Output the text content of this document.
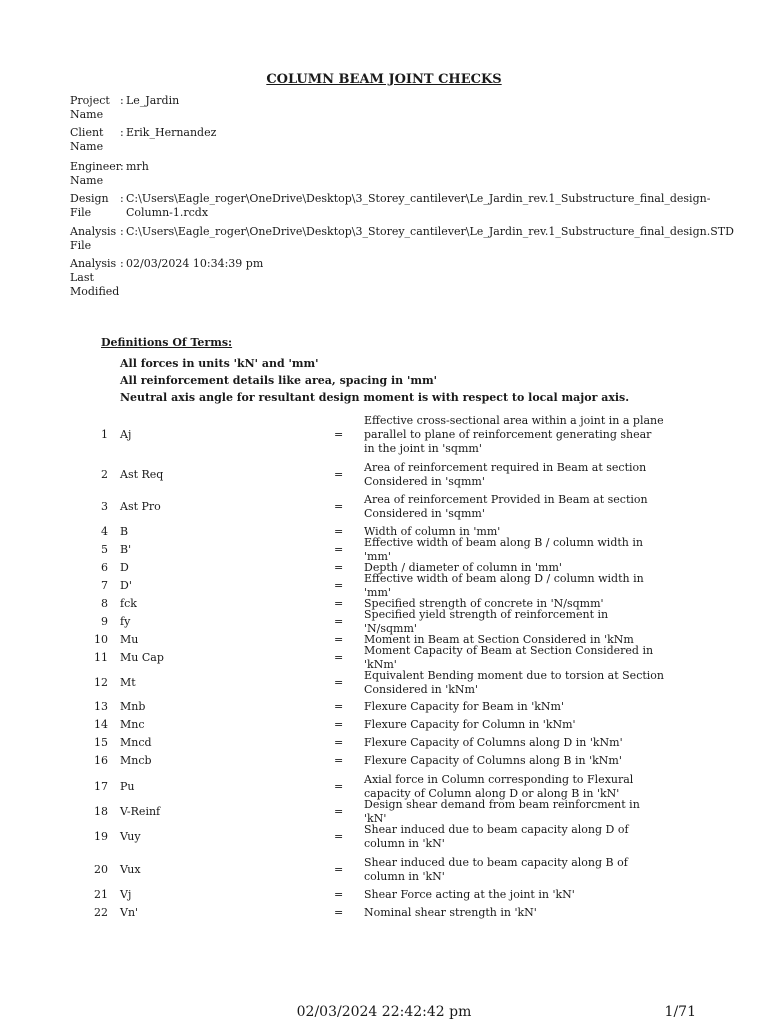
COLUMN BEAM JOINT CHECKS
Project Name
: Le_Jardin
Client Name
: Erik_Hernandez
Engineer Name
: mrh
Design File
: C:\Users\Eagle_roger\OneDrive\Desktop\3_Storey_cantilever\Le_Jardin_rev.1_Substructure_final_design-Column-1.rcdx
Analysis File
: C:\Users\Eagle_roger\OneDrive\Desktop\3_Storey_cantilever\Le_Jardin_rev.1_Substructure_final_design.STD
Analysis Last Modified
: 02/03/2024 10:34:39 pm
Definitions Of Terms:
All forces in units 'kN' and 'mm'
All reinforcement details like area, spacing in 'mm'
Neutral axis angle for resultant design moment is with respect to local major axis.
1 Aj	=
Effective cross-sectional area within a joint in a plane parallel to plane of reinforcement generating shear in the joint in 'sqmm'
2 Ast Req	=
Area of reinforcement required in Beam at section Considered in 'sqmm'
3 Ast Pro	=
Area of reinforcement Provided in Beam at section Considered in 'sqmm'
4 B	= Width of column in 'mm'
5 B'	=
Effective width of beam along B / column width in 'mm'
6 D	= Depth / diameter of column in 'mm'
7 D'	=
Effective width of beam along D / column width in 'mm'
8 fck	= Specified strength of concrete in 'N/sqmm'
9 fy	=
Specified yield strength of reinforcement in 'N/sqmm'
10 Mu	= Moment in Beam at Section Considered in 'kNm
11 Mu Cap	=
Moment Capacity of Beam at Section Considered in 'kNm'
12 Mt	=
Equivalent Bending moment due to torsion at Section Considered in 'kNm'
13 Mnb	= Flexure Capacity for Beam in 'kNm'
14 Mnc	= Flexure Capacity for Column in 'kNm'
15 Mncd	= Flexure Capacity of Columns along D in 'kNm'
16 Mncb	= Flexure Capacity of Columns along B in 'kNm'
17 Pu	=
Axial force in Column corresponding to Flexural capacity of Column along D or along B in 'kN'
18 V-Reinf	=
Design shear demand from beam reinforcment in 'kN'
19 Vuy	=
Shear induced due to beam capacity along D of column in 'kN'
20 Vux	=
Shear induced due to beam capacity along B of column in 'kN'
21 Vj	= Shear Force acting at the joint in 'kN'
22 Vn'	= Nominal shear strength in 'kN'
02/03/2024 22:42:42 pm	1/71
